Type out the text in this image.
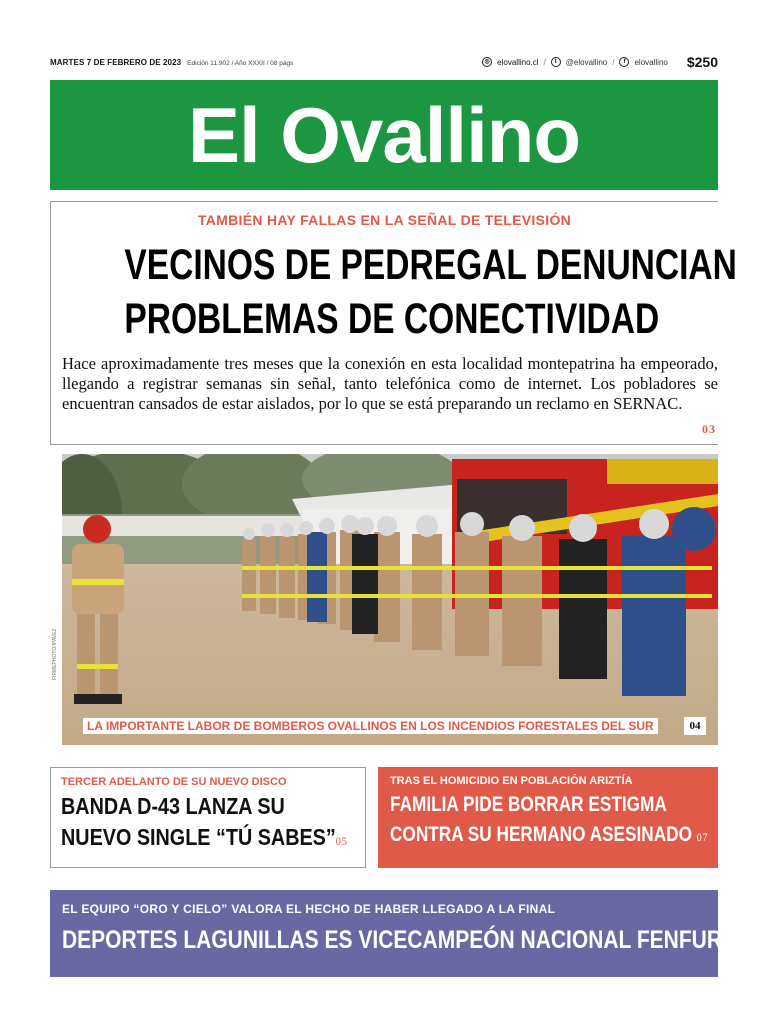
MARTES 7 DE FEBRERO DE 2023 Edición 11.902 / Año XXXII / 08 págs	◎ elovallino.cl /	t	@elovallino /	f	elovallino $250
El Ovallino
TAMBIÉN HAY FALLAS EN LA SEÑAL DE TELEVISIÓN
VECINOS DE PEDREGAL DENUNCIAN
PROBLEMAS DE CONECTIVIDAD

Hace aproximadamente tres meses que la conexión en esta localidad montepatrina ha empeorado, llegando a registrar semanas sin señal, tanto telefónica como de internet. Los pobladores se encuentran cansados de estar aislados, por lo que se está preparando un reclamo en SERNAC.

03
FIRMEPHOTO/IPAVEZ
LA IMPORTANTE LABOR DE BOMBEROS OVALLINOS EN LOS INCENDIOS FORESTALES DEL SUR	04
TERCER ADELANTO DE SU NUEVO DISCO
BANDA D-43 LANZA SU
NUEVO SINGLE “TÚ SABES”05
TRAS EL HOMICIDIO EN POBLACIÓN ARIZTÍA
FAMILIA PIDE BORRAR ESTIGMA
CONTRA SU HERMANO ASESINADO 07
EL EQUIPO “ORO Y CIELO” VALORA EL HECHO DE HABER LLEGADO A LA FINAL
DEPORTES LAGUNILLAS ES VICECAMPEÓN NACIONAL FENFUR 08
